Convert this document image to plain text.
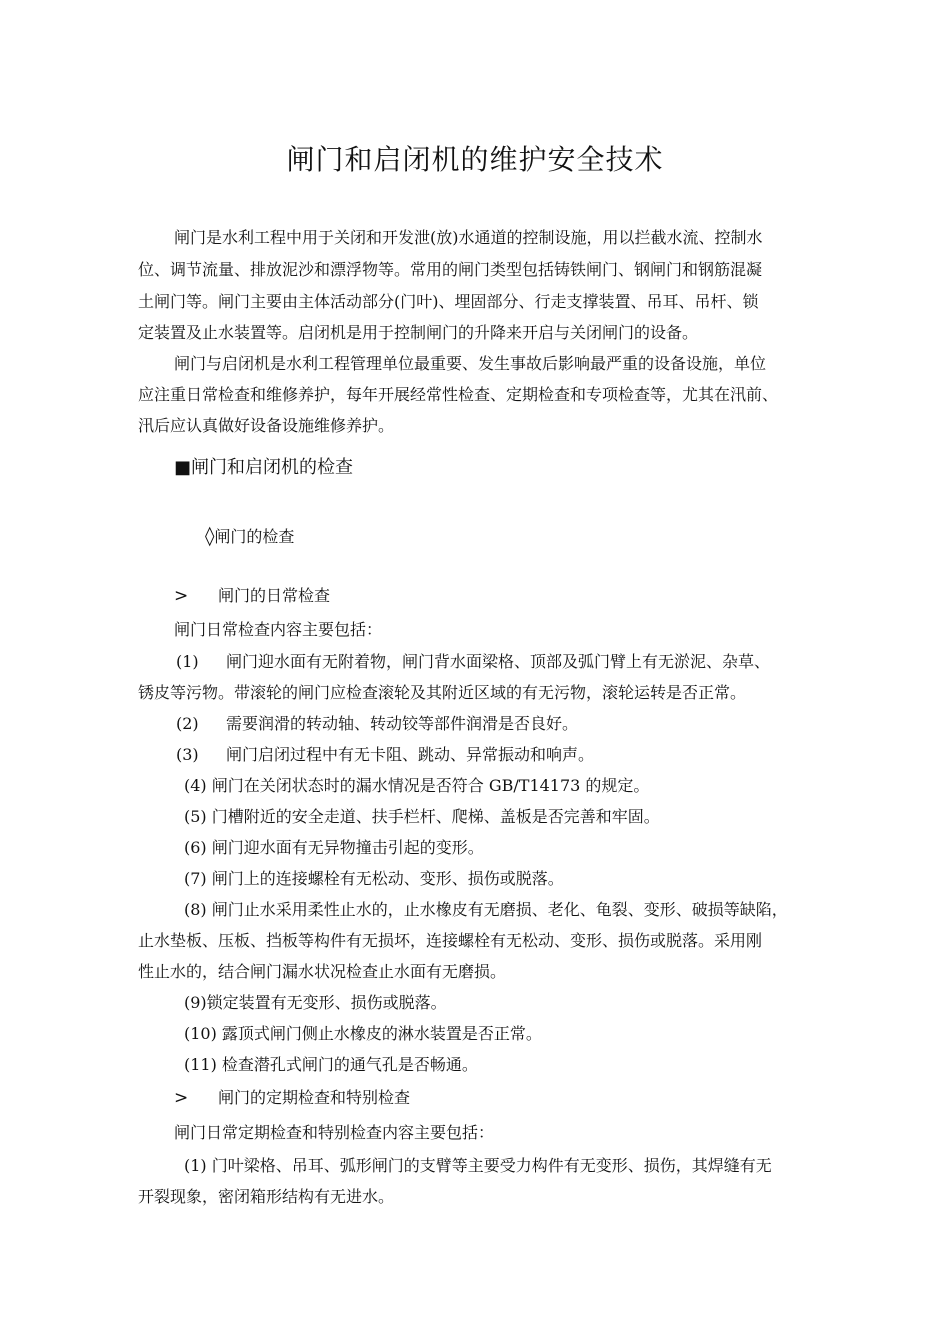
闸门和启闭机的维护安全技术
闸门是水利工程中用于关闭和开发泄(放)水通道的控制设施，用以拦截水流、控制水
位、调节流量、排放泥沙和漂浮物等。常用的闸门类型包括铸铁闸门、钢闸门和钢筋混凝
土闸门等。闸门主要由主体活动部分(门叶)、埋固部分、行走支撑装置、吊耳、吊杆、锁
定装置及止水装置等。启闭机是用于控制闸门的升降来开启与关闭闸门的设备。
闸门与启闭机是水利工程管理单位最重要、发生事故后影响最严重的设备设施，单位
应注重日常检查和维修养护，每年开展经常性检查、定期检查和专项检查等，尤其在汛前、
汛后应认真做好设备设施维修养护。
■闸门和启闭机的检查
◊闸门的检查
> 闸门的日常检查
闸门日常检查内容主要包括：
(1) 闸门迎水面有无附着物，闸门背水面梁格、顶部及弧门臂上有无淤泥、杂草、
锈皮等污物。带滚轮的闸门应检查滚轮及其附近区域的有无污物，滚轮运转是否正常。
(2) 需要润滑的转动轴、转动铰等部件润滑是否良好。
(3) 闸门启闭过程中有无卡阻、跳动、异常振动和响声。
(4) 闸门在关闭状态时的漏水情况是否符合 GB/T14173 的规定。
(5) 门槽附近的安全走道、扶手栏杆、爬梯、盖板是否完善和牢固。
(6) 闸门迎水面有无异物撞击引起的变形。
(7) 闸门上的连接螺栓有无松动、变形、损伤或脱落。
(8) 闸门止水采用柔性止水的，止水橡皮有无磨损、老化、龟裂、变形、破损等缺陷，
止水垫板、压板、挡板等构件有无损坏，连接螺栓有无松动、变形、损伤或脱落。采用刚
性止水的，结合闸门漏水状况检查止水面有无磨损。
(9)锁定装置有无变形、损伤或脱落。
(10) 露顶式闸门侧止水橡皮的淋水装置是否正常。
(11) 检查潜孔式闸门的通气孔是否畅通。
> 闸门的定期检查和特别检查
闸门日常定期检查和特别检查内容主要包括：
(1) 门叶梁格、吊耳、弧形闸门的支臂等主要受力构件有无变形、损伤，其焊缝有无
开裂现象，密闭箱形结构有无进水。
